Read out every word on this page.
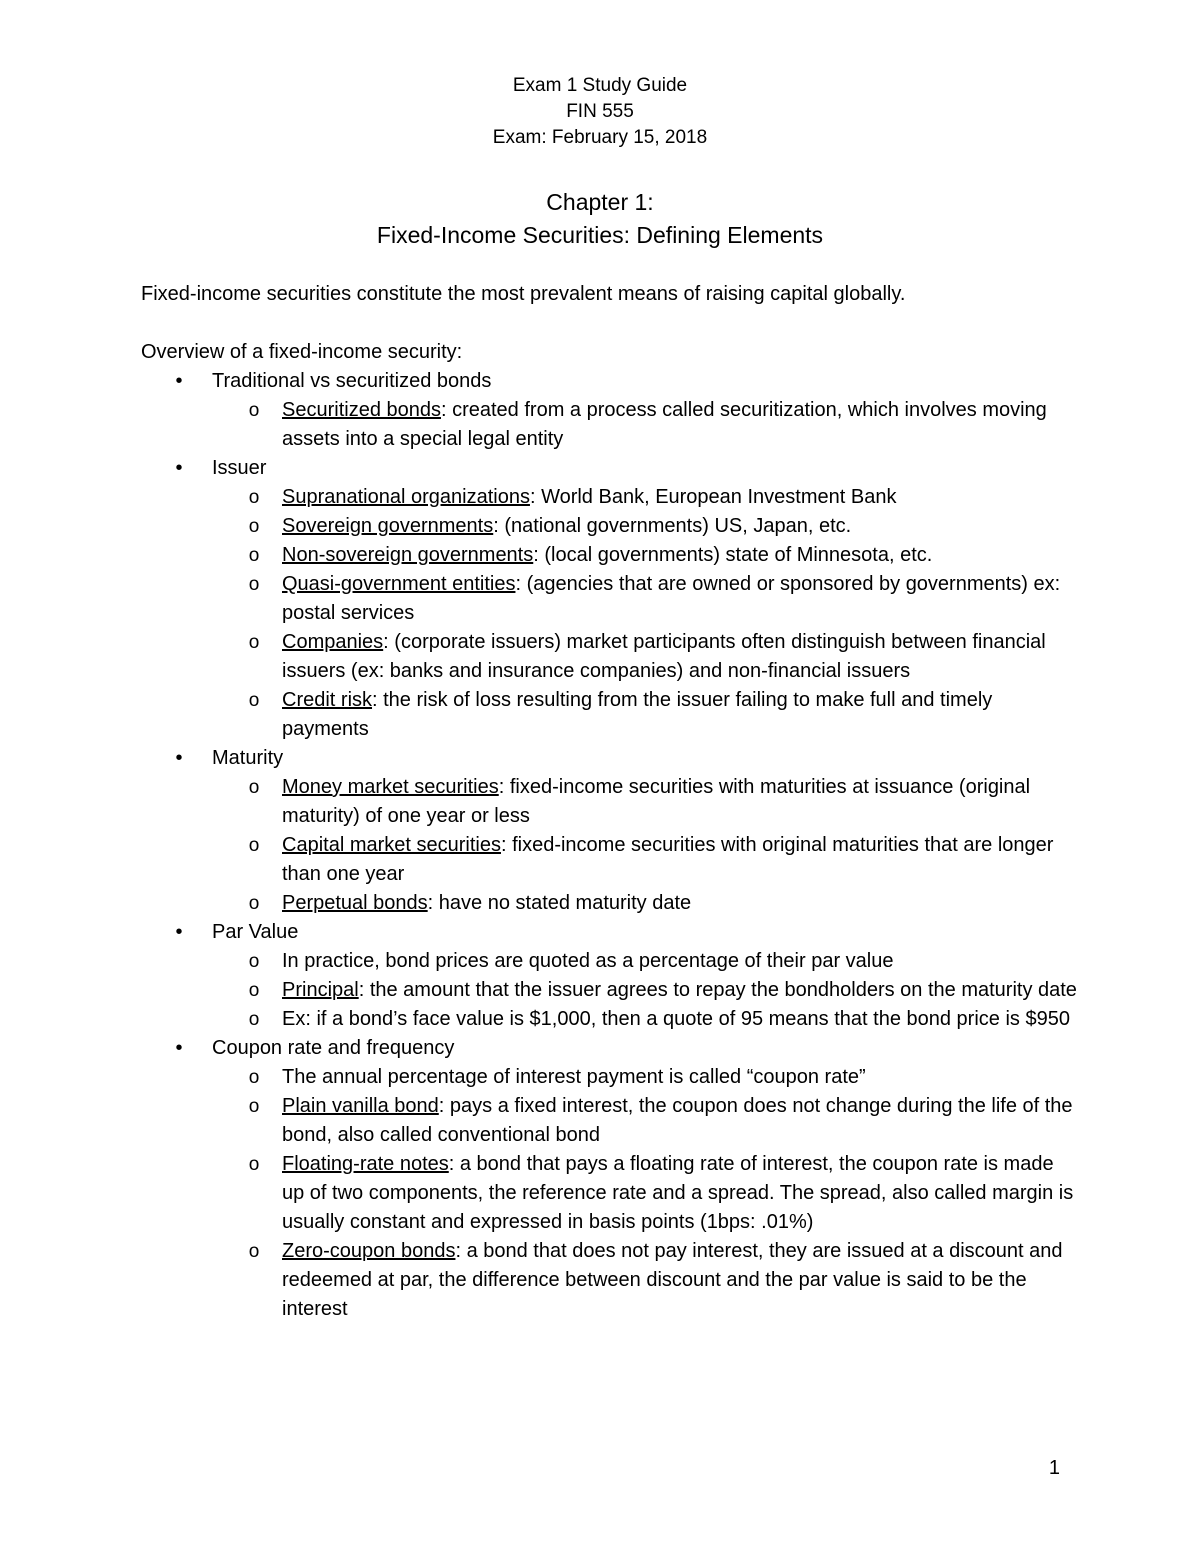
Exam 1 Study Guide
FIN 555
Exam: February 15, 2018
Chapter 1:
Fixed-Income Securities: Defining Elements
Fixed-income securities constitute the most prevalent means of raising capital globally.
Overview of a fixed-income security:
• Traditional vs securitized bonds
o Securitized bonds: created from a process called securitization, which involves moving assets into a special legal entity
• Issuer
o Supranational organizations: World Bank, European Investment Bank
o Sovereign governments: (national governments) US, Japan, etc.
o Non-sovereign governments: (local governments) state of Minnesota, etc.
o Quasi-government entities: (agencies that are owned or sponsored by governments) ex: postal services
o Companies: (corporate issuers) market participants often distinguish between financial issuers (ex: banks and insurance companies) and non-financial issuers
o Credit risk: the risk of loss resulting from the issuer failing to make full and timely payments
• Maturity
o Money market securities: fixed-income securities with maturities at issuance (original maturity) of one year or less
o Capital market securities: fixed-income securities with original maturities that are longer than one year
o Perpetual bonds: have no stated maturity date
• Par Value
o In practice, bond prices are quoted as a percentage of their par value
o Principal: the amount that the issuer agrees to repay the bondholders on the maturity date
o Ex: if a bond’s face value is $1,000, then a quote of 95 means that the bond price is $950
• Coupon rate and frequency
o The annual percentage of interest payment is called “coupon rate”
o Plain vanilla bond: pays a fixed interest, the coupon does not change during the life of the bond, also called conventional bond
o Floating-rate notes: a bond that pays a floating rate of interest, the coupon rate is made up of two components, the reference rate and a spread. The spread, also called margin is usually constant and expressed in basis points (1bps: .01%)
o Zero-coupon bonds: a bond that does not pay interest, they are issued at a discount and redeemed at par, the difference between discount and the par value is said to be the interest
1
